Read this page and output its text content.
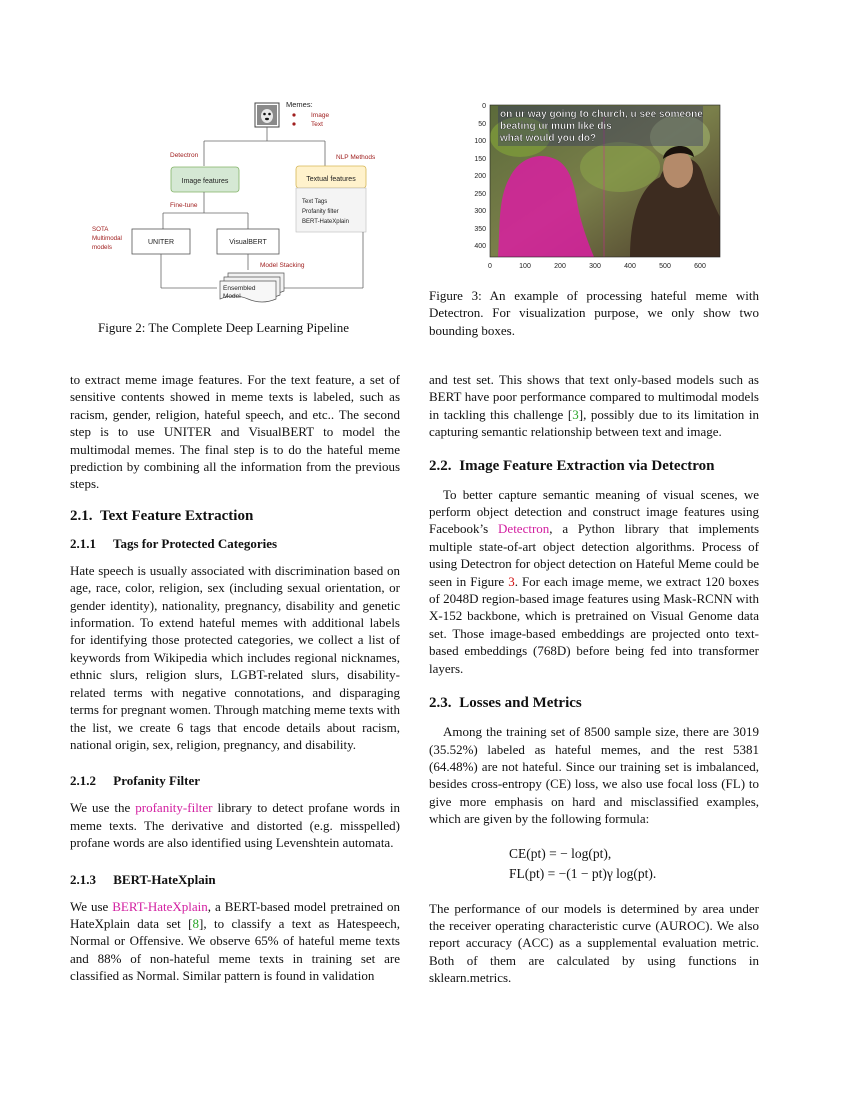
Memes:
Image
Text
Detectron	NLP Methods
Image features	Textual features
Text Tags
Profanity filter
BERT-HateXplain
Fine-tune
SOTA
Multimodal
models
UNITER	VisualBERT
Model Stacking
Ensembled
Model
Figure 2: The Complete Deep Learning Pipeline
on ur way going to church, u see someone
beating ur mum like dis
what would you do?
0
50
100
150
200
250
300
350
400
0	100	200	300	400	500	600
Figure 3: An example of processing hateful meme with Detectron. For visualization purpose, we only show two bounding boxes.

to extract meme image features. For the text feature, a set of sensitive contents showed in meme texts is labeled, such as racism, gender, religion, hateful speech, and etc.. The second step is to use UNITER and VisualBERT to model the multimodal memes. The final step is to do the hateful meme prediction by combining all the information from the previous steps.

2.1. Text Feature Extraction
2.1.1 Tags for Protected Categories

Hate speech is usually associated with discrimination based on age, race, color, religion, sex (including sexual orientation, or gender identity), nationality, pregnancy, disability and genetic information. To extend hateful memes with additional labels for identifying those protected categories, we collect a list of keywords from Wikipedia which includes regional nicknames, ethnic slurs, religion slurs, LGBT-related slurs, disability-related terms with negative connotations, and disparaging terms for pregnant women. Through matching meme texts with the list, we create 6 tags that encode details about racism, national origin, sex, religion, pregnancy, and disability.

2.1.2 Profanity Filter

We use the profanity-filter library to detect profane words in meme texts. The derivative and distorted (e.g. misspelled) profane words are also identified using Levenshtein automata.

2.1.3 BERT-HateXplain

We use BERT-HateXplain, a BERT-based model pretrained on HateXplain data set [8], to classify a text as Hatespeech, Normal or Offensive. We observe 65% of hateful meme texts and 88% of non-hateful meme texts in training set are classified as Normal. Similar pattern is found in validation

and test set. This shows that text only-based models such as BERT have poor performance compared to multimodal models in tackling this challenge [3], possibly due to its limitation in capturing semantic relationship between text and image.

2.2. Image Feature Extraction via Detectron

To better capture semantic meaning of visual scenes, we perform object detection and construct image features using Facebook’s Detectron, a Python library that implements multiple state-of-art object detection algorithms. Process of using Detectron for object detection on Hateful Meme could be seen in Figure 3. For each image meme, we extract 120 boxes of 2048D region-based image features using Mask-RCNN with X-152 backbone, which is pretrained on Visual Genome data set. Those image-based embeddings are projected onto text-based embeddings (768D) before being fed into transformer layers.

2.3. Losses and Metrics

Among the training set of 8500 sample size, there are 3019 (35.52%) labeled as hateful memes, and the rest 5381 (64.48%) are not hateful. Since our training set is imbalanced, besides cross-entropy (CE) loss, we also use focal loss (FL) to give more emphasis on hard and misclassified examples, which are given by the following formula:

CE(pt) = − log(pt),
FL(pt) = −(1 − pt)γ log(pt).

The performance of our models is determined by area under the receiver operating characteristic curve (AUROC). We also report accuracy (ACC) as a supplemental evaluation metric. Both of them are calculated by using functions in sklearn.metrics.
